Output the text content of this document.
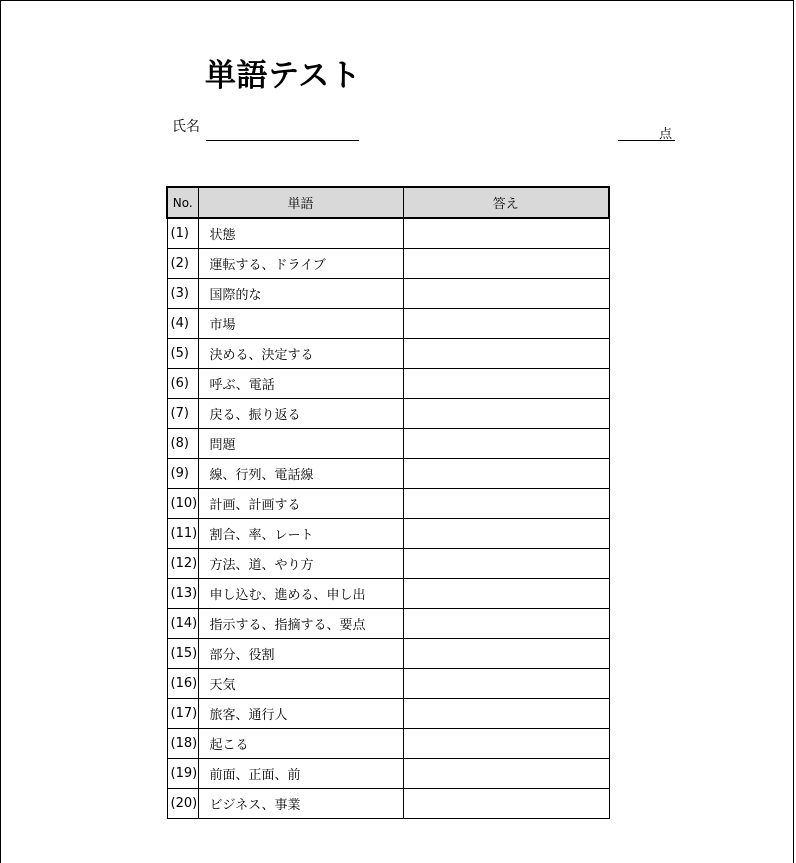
単語テスト
氏名	点
No.	単語	答え
(1)	状態	
(2)	運転する、ドライブ	
(3)	国際的な	
(4)	市場	
(5)	決める、決定する	
(6)	呼ぶ、電話	
(7)	戻る、振り返る	
(8)	問題	
(9)	線、行列、電話線	
(10)	計画、計画する	
(11)	割合、率、レート	
(12)	方法、道、やり方	
(13)	申し込む、進める、申し出	
(14)	指示する、指摘する、要点	
(15)	部分、役割	
(16)	天気	
(17)	旅客、通行人	
(18)	起こる	
(19)	前面、正面、前	
(20)	ビジネス、事業	
